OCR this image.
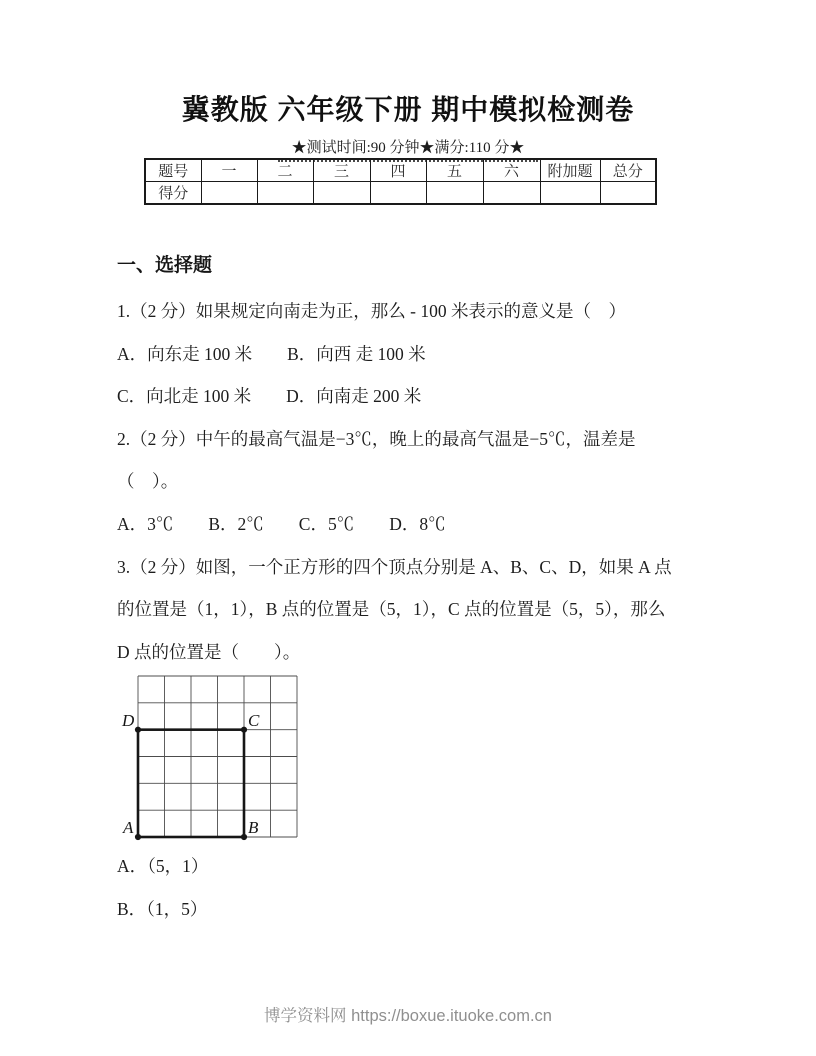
冀教版 六年级下册 期中模拟检测卷
★测试时间:90 分钟★满分:110 分★
题号	一	二	三	四	五	六	附加题	总分
得分								
一、选择题

1.（2 分）如果规定向南走为正，那么 - 100 米表示的意义是（　）

A．向东走 100 米　　B．向西 走 100 米

C．向北走 100 米　　D．向南走 200 米

2.（2 分）中午的最高气温是−3℃，晚上的最高气温是−5℃，温差是

（　）。

A．3℃　　B．2℃　　C．5℃　　D．8℃

3.（2 分）如图，一个正方形的四个顶点分别是 A、B、C、D，如果 A 点

的位置是（1，1），B 点的位置是（5，1），C 点的位置是（5，5），那么

D 点的位置是（　　）。

D	C
A	B

A．（5，1）

B．（1，5）

博学资料网 https://boxue.ituoke.com.cn
